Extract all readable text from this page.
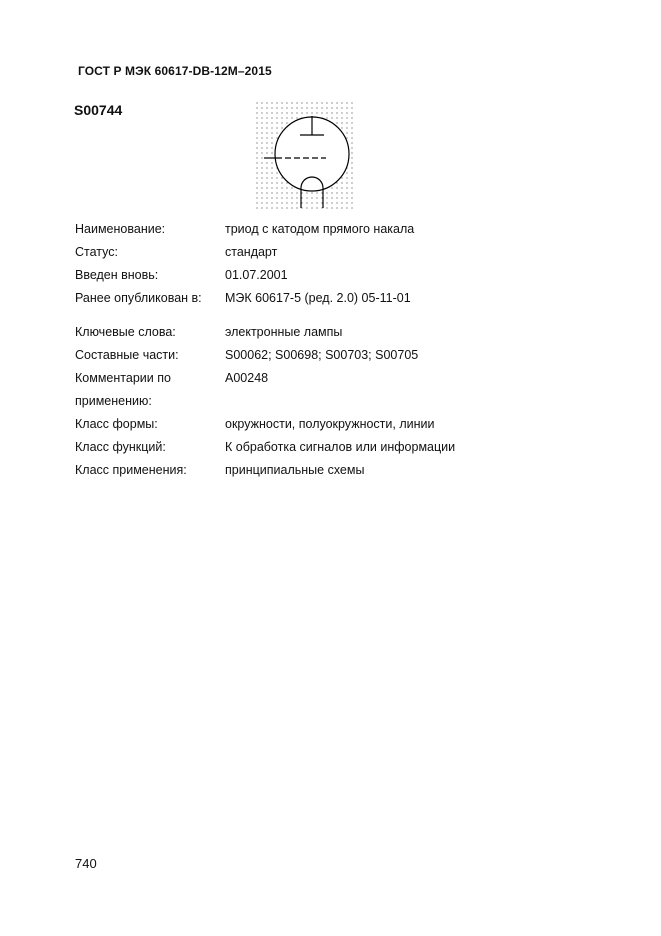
ГОСТ Р МЭК 60617-DB-12M–2015
S00744
Наименование:	триод с катодом прямого накала
Статус:	стандарт
Введен вновь:	01.07.2001
Ранее опубликован в:	МЭК 60617-5 (ред. 2.0) 05-11-01
Ключевые слова:	электронные лампы
Составные части:	S00062; S00698; S00703; S00705
Комментарии по	A00248
применению:
Класс формы:	окружности, полуокружности, линии
Класс функций:	К обработка сигналов или информации
Класс применения:	принципиальные схемы
740
